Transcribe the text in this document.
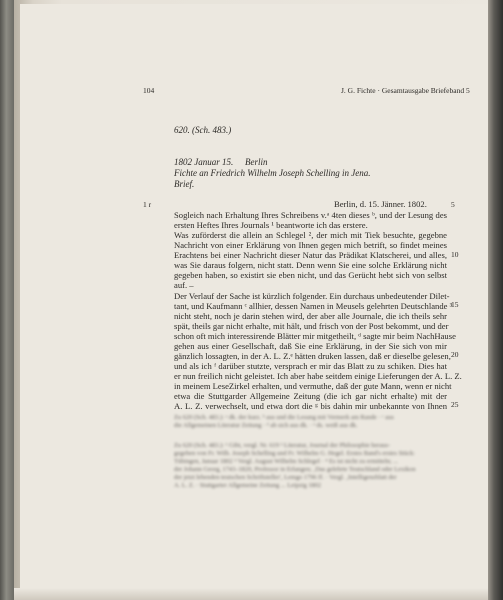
104	J. G. Fichte · Gesamtausgabe Briefeband 5
620. (Sch. 483.)
1802 Januar 15. Berlin
Fichte an Friedrich Wilhelm Joseph Schelling in Jena.
Brief.
1 r	Berlin, d. 15. Jänner. 1802.
Sogleich nach Erhaltung Ihres Schreibens v.ᵃ 4ten dieses ᵇ, und der Lesung des
ersten Heftes Ihres Journals ¹ beantworte ich das erstere.
Was zuförderst die allein an Schlegel ², der mich mit Tiek besuchte, gegebne
Nachricht von einer Erklärung von Ihnen gegen mich betrift, so findet meines
Erachtens bei einer Nachricht dieser Natur das Prädikat Klatscherei, und alles,
was Sie daraus folgern, nicht statt. Denn wenn Sie eine solche Erklärung nicht
gegeben haben, so existirt sie eben nicht, und das Gerücht hebt sich von selbst
auf. –
Der Verlauf der Sache ist kürzlich folgender. Ein durchaus unbedeutender Dilet-
tant, und Kaufmann ᶜ allhier, dessen Namen in Meusels gelehrten Deutschlande ³
nicht steht, noch je darin stehen wird, der aber alle Journale, die ich theils sehr
spät, theils gar nicht erhalte, mit hält, und frisch von der Post bekommt, und der
schon oft mich interessirende Blätter mir mitgetheilt, ᵈ sagte mir beim NachHause
gehen aus einer Gesellschaft, daß Sie eine Erklärung, in der Sie sich von mir
gänzlich lossagten, in der A. L. Z.ᵉ hätten druken lassen, daß er dieselbe gelesen,
und als ich ᶠ darüber stutzte, versprach er mir das Blatt zu zu schiken. Dies hat
er nun freilich nicht geleistet. Ich aber habe seitdem einige Lieferungen der A. L. Z.
in meinem LeseZirkel erhalten, und vermuthe, daß der gute Mann, wenn er nicht
etwa die Stuttgarder Allgemeine Zeitung (die ich gar nicht erhalte) mit der
A. L. Z. verwechselt, und etwa dort die ᵍ bis dahin mir unbekannte von Ihnen
5
10
15
20
25
Zu 620 (Sch. 483.): ᵃ dk. der kurz. ᵇ aus und die Lesung mit Vermerk am Rande · ᶜ aus
die Allgemeinen Literatur Zeitung · ᵈ ab sich aus dk. · ᵉ ds. weiß aus dk.
Zu 620 (Sch. 483.): ¹ Gibt, vergl. Nr. 619 ² Literatur, Journal der Philosophie heraus-
gegeben von Fr. Wilh. Joseph Schelling und Fr. Wilhelm G. Hegel. Erstes Band's erstes Stück:
Tübingen, Januar 1802 ³ Vergl. August Wilhelm Schlegel · ⁴ Es ist nicht zu ermitteln; ...
der Johann Georg, 1743–1820, Professor in Erlangen; ‚Das gelehrte Teutschland oder Lexikon
der jetzt lebenden teutschen Schriftsteller', Lemgo 1796 ff. · Vergl. ‚Intelligenzblatt der
A. L. Z. · Stuttgarter Allgemeine Zeitung ... Leipzig 1802
